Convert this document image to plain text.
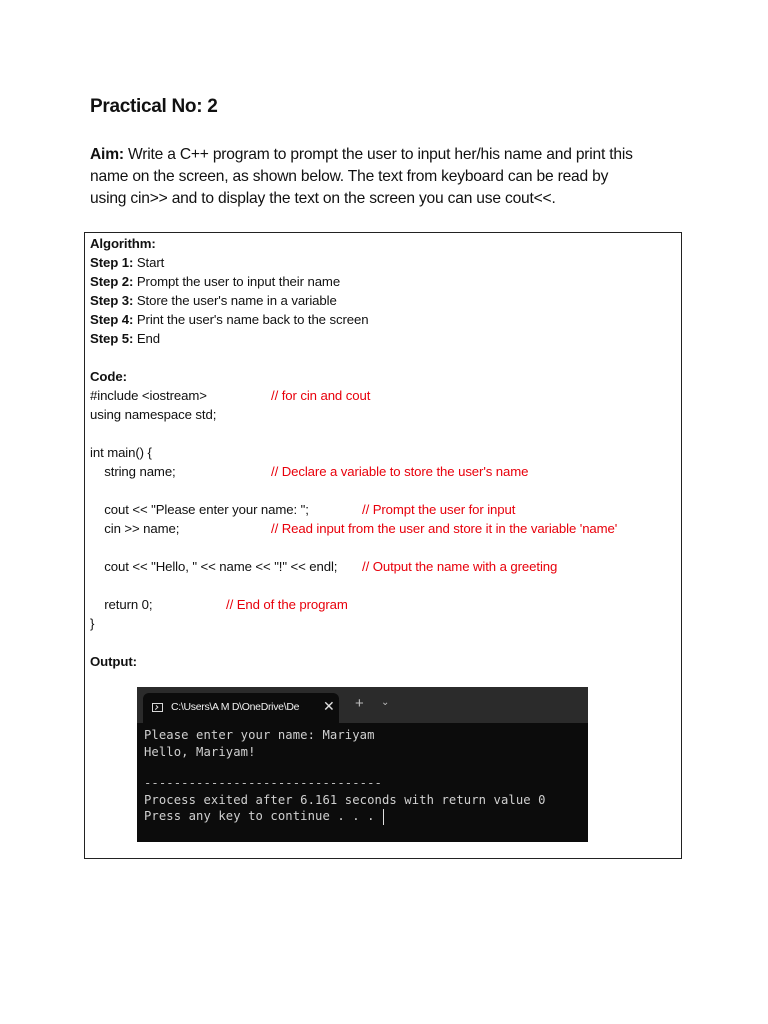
Practical No: 2
Aim: Write a C++ program to prompt the user to input her/his name and print this
name on the screen, as shown below. The text from keyboard can be read by
using cin>> and to display the text on the screen you can use cout<<.
Algorithm:
Step 1: Start
Step 2: Prompt the user to input their name
Step 3: Store the user's name in a variable
Step 4: Print the user's name back to the screen
Step 5: End
Code:
#include <iostream>	// for cin and cout
using namespace std;
int main() {
string name;	// Declare a variable to store the user's name
cout << "Please enter your name: ";	// Prompt the user for input
cin >> name;	// Read input from the user and store it in the variable 'name'
cout << "Hello, " << name << "!" << endl; // Output the name with a greeting
return 0;	// End of the program
}
Output:
C:\Users\A M D\OneDrive\De	✕ + ⌄
Please enter your name: Mariyam
Hello, Mariyam!
--------------------------------
Process exited after 6.161 seconds with return value 0
Press any key to continue . . .
